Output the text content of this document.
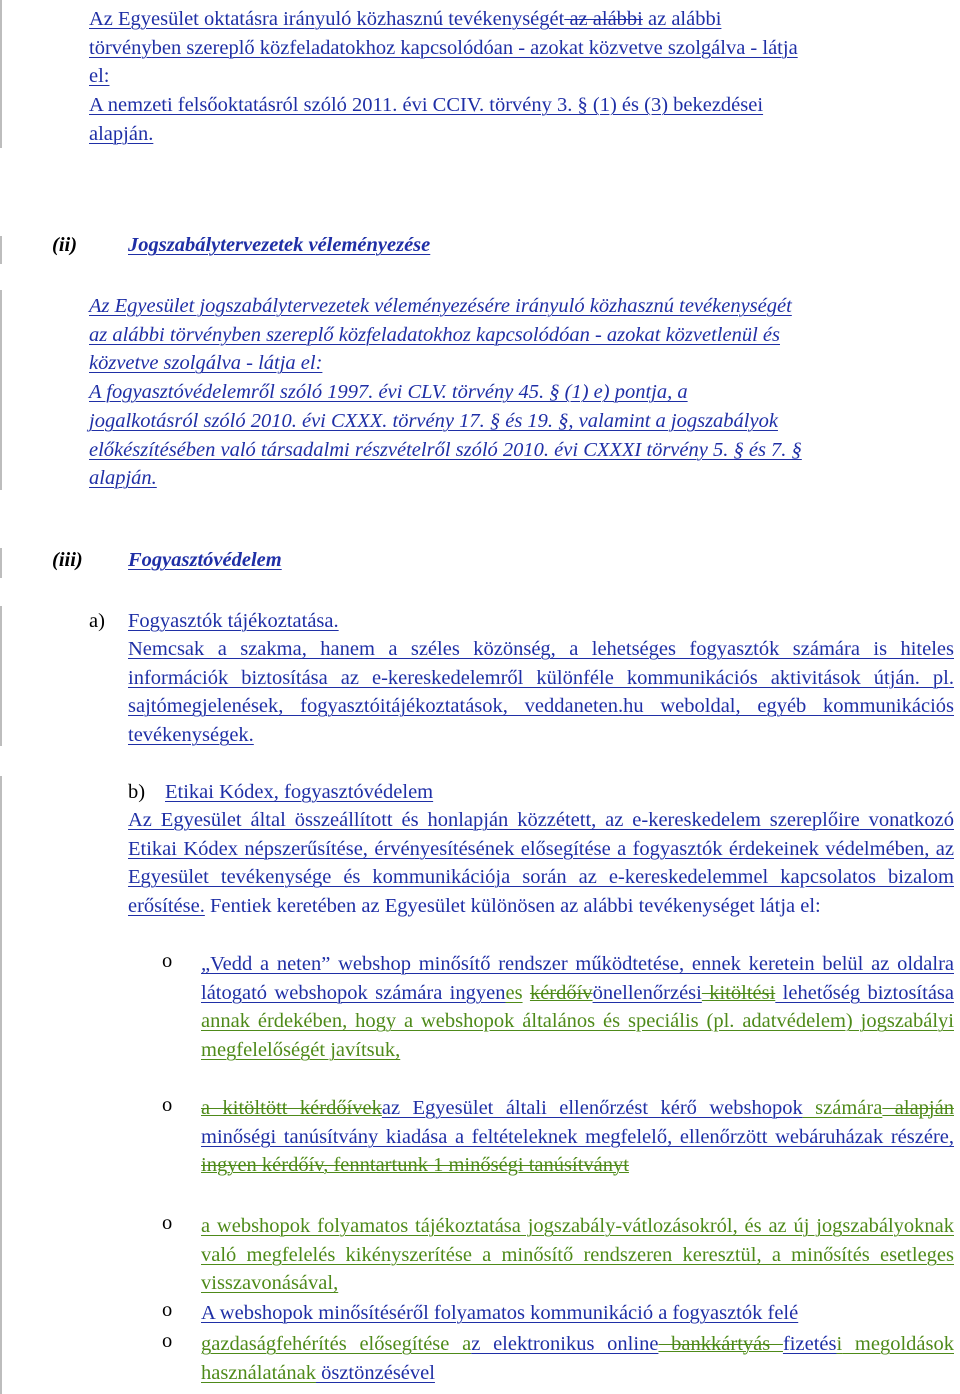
Az Egyesület oktatásra irányuló közhasznú tevékenységét az alábbi az alábbi
törvényben szereplő közfeladatokhoz kapcsolódóan - azokat közvetve szolgálva - látja
el:
A nemzeti felsőoktatásról szóló 2011. évi CCIV. törvény 3. § (1) és (3) bekezdései
alapján.
(ii) Jogszabálytervezetek véleményezése
Az Egyesület jogszabálytervezetek véleményezésére irányuló közhasznú tevékenységét
az alábbi törvényben szereplő közfeladatokhoz kapcsolódóan - azokat közvetlenül és
közvetve szolgálva - látja el:
A fogyasztóvédelemről szóló 1997. évi CLV. törvény 45. § (1) e) pontja, a
jogalkotásról szóló 2010. évi CXXX. törvény 17. § és 19. §, valamint a jogszabályok
előkészítésében való társadalmi részvételről szóló 2010. évi CXXXI törvény 5. § és 7. §
alapján.
(iii) Fogyasztóvédelem
a) Fogyasztók tájékoztatása.
Nemcsak a szakma, hanem a széles közönség, a lehetséges fogyasztók számára is hiteles információk biztosítása az e-kereskedelemről különféle kommunikációs aktivitások útján. pl. sajtómegjelenések, fogyasztóitájékoztatások, veddaneten.hu weboldal, egyéb kommunikációs tevékenységek.
b) Etikai Kódex, fogyasztóvédelem
Az Egyesület által összeállított és honlapján közzétett, az e-kereskedelem szereplőire vonatkozó Etikai Kódex népszerűsítése, érvényesítésének elősegítése a fogyasztók érdekeinek védelmében, az Egyesület tevékenysége és kommunikációja során az e-kereskedelemmel kapcsolatos bizalom erősítése. Fentiek keretében az Egyesület különösen az alábbi tevékenységet látja el:
o „Vedd a neten” webshop minősítő rendszer működtetése, ennek keretein belül az oldalra látogató webshopok számára ingyenes kérdőívönellenőrzési kitöltési lehetőség biztosítása annak érdekében, hogy a webshopok általános és speciális (pl. adatvédelem) jogszabályi megfelelőségét javítsuk,
o a kitöltött kérdőívekaz Egyesület általi ellenőrzést kérő webshopok számára alapján minőségi tanúsítvány kiadása a feltételeknek megfelelő, ellenőrzött webáruházak részére, ingyen kérdőív, fenntartunk 1 minőségi tanúsítványt
o a webshopok folyamatos tájékoztatása jogszabály-vátlozásokról, és az új jogszabályoknak való megfelelés kikényszerítése a minősítő rendszeren keresztül, a minősítés esetleges visszavonásával,
o A webshopok minősítéséről folyamatos kommunikáció a fogyasztók felé
o gazdaságfehérítés elősegítése az elektronikus online bankkártyás fizetési megoldások használatának ösztönzésével
